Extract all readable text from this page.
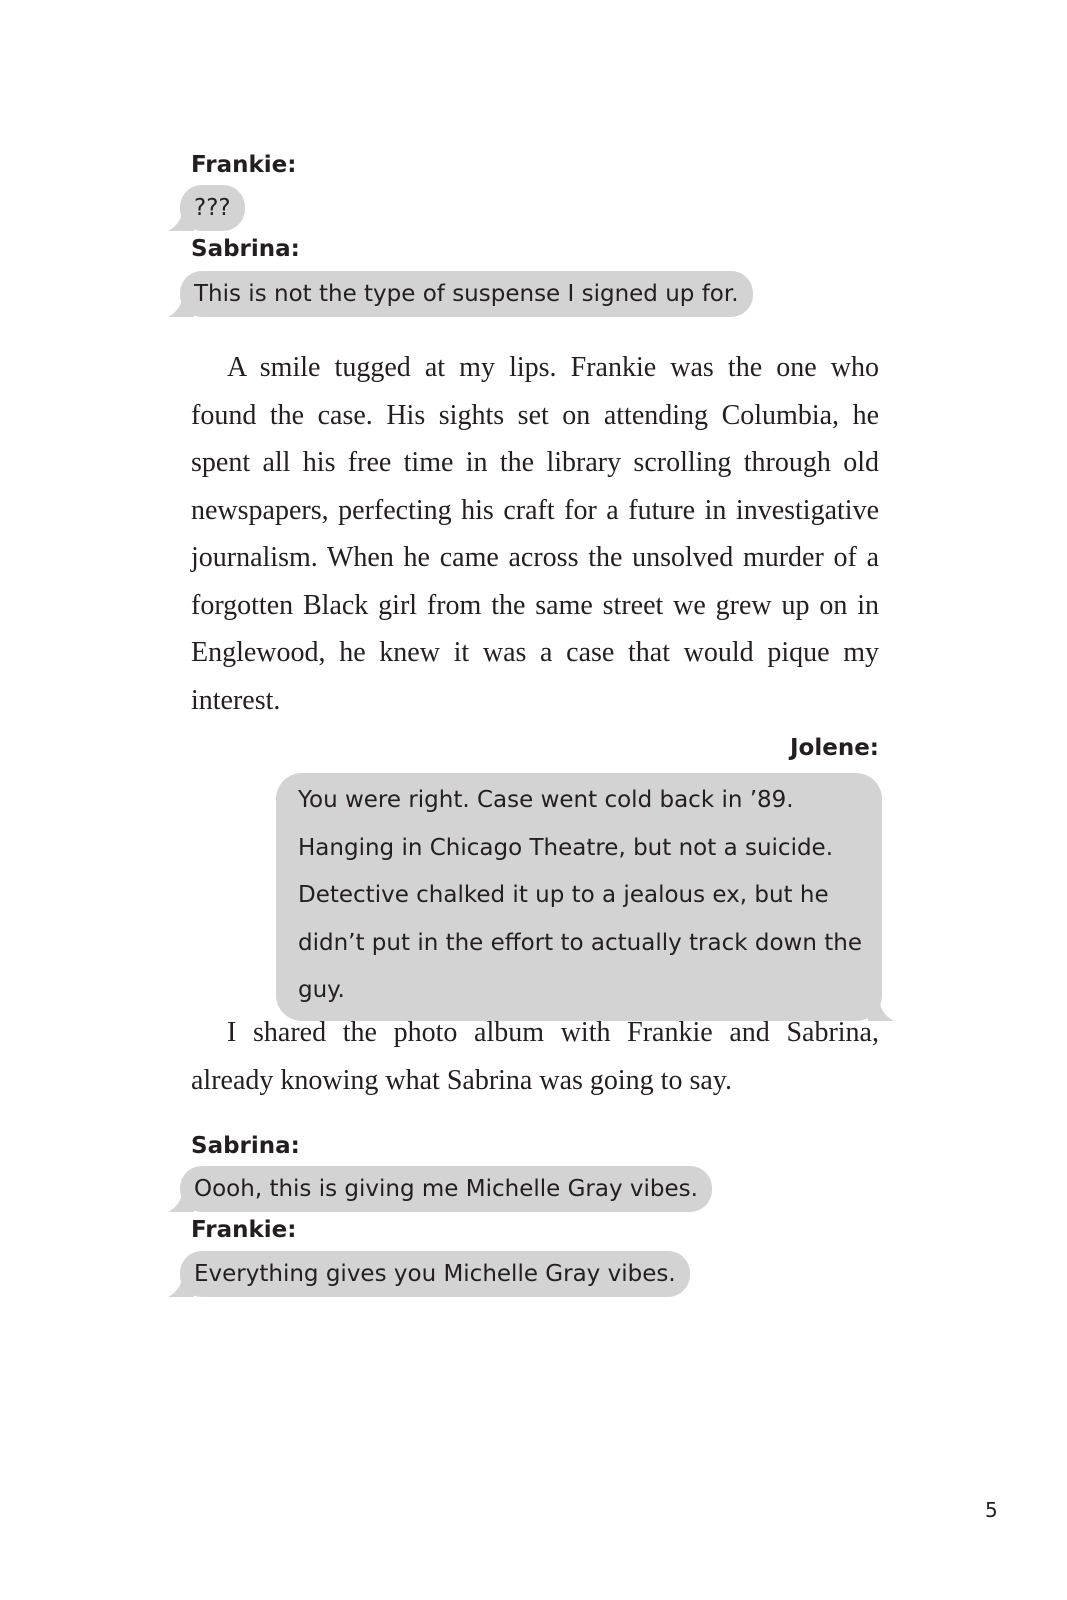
Frankie:
???
Sabrina:
This is not the type of suspense I signed up for.

A smile tugged at my lips. Frankie was the one who found the case. His sights set on attending Columbia, he spent all his free time in the library scrolling through old newspapers, perfecting his craft for a future in investigative journalism. When he came across the unsolved murder of a forgotten Black girl from the same street we grew up on in Englewood, he knew it was a case that would pique my interest.

Jolene:
You were right. Case went cold back in ’89. Hanging in Chicago Theatre, but not a suicide. Detective chalked it up to a jealous ex, but he didn’t put in the effort to actually track down the guy.

I shared the photo album with Frankie and Sabrina, already knowing what Sabrina was going to say.

Sabrina:
Oooh, this is giving me Michelle Gray vibes.
Frankie:
Everything gives you Michelle Gray vibes.
5
